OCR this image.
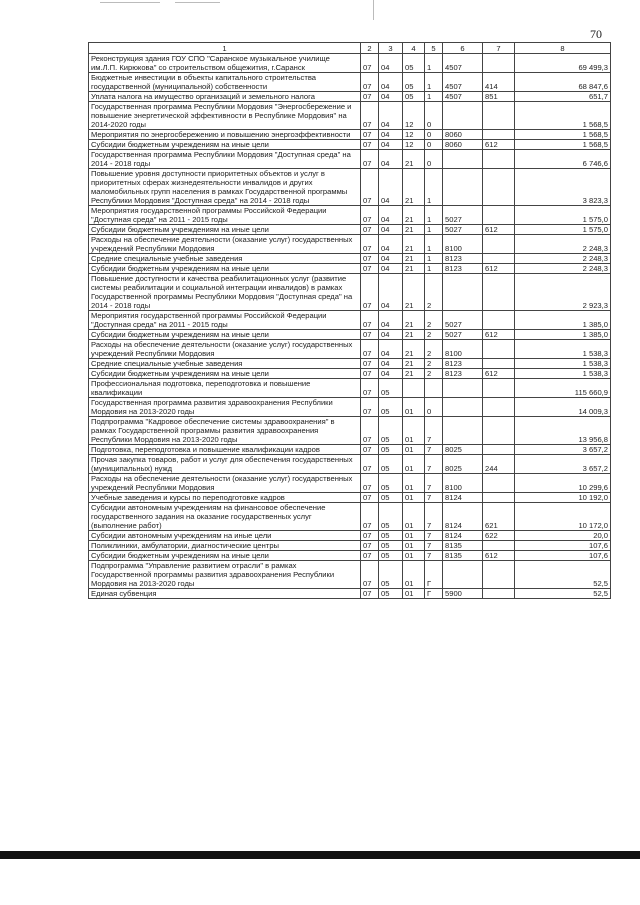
70
1	2	3	4	5	6	7	8
Реконструкция здания ГОУ СПО "Саранское музыкальное училище им.Л.П. Кирюкова" со строительством общежития, г.Саранск	07	04	05	1	4507		69 499,3
Бюджетные инвестиции в объекты капитального строительства государственной (муниципальной) собственности	07	04	05	1	4507	414	68 847,6
Уплата налога на имущество организаций и земельного налога	07	04	05	1	4507	851	651,7
Государственная программа Республики Мордовия "Энергосбережение и повышение энергетической эффективности в Республике Мордовия" на 2014-2020 годы	07	04	12	0			1 568,5
Мероприятия по энергосбережению и повышению энергоэффективности	07	04	12	0	8060		1 568,5
Субсидии бюджетным учреждениям на иные цели	07	04	12	0	8060	612	1 568,5
Государственная программа Республики Мордовия "Доступная среда" на 2014 - 2018 годы	07	04	21	0			6 746,6
Повышение уровня доступности приоритетных объектов и услуг в приоритетных сферах жизнедеятельности инвалидов и других маломобильных групп населения в рамках Государственной программы Республики Мордовия "Доступная среда" на 2014 - 2018 годы	07	04	21	1			3 823,3
Мероприятия государственной программы Российской Федерации "Доступная среда" на 2011 - 2015 годы	07	04	21	1	5027		1 575,0
Субсидии бюджетным учреждениям на иные цели	07	04	21	1	5027	612	1 575,0
Расходы на обеспечение деятельности (оказание услуг) государственных учреждений Республики Мордовия	07	04	21	1	8100		2 248,3
Средние специальные учебные заведения	07	04	21	1	8123		2 248,3
Субсидии бюджетным учреждениям на иные цели	07	04	21	1	8123	612	2 248,3
Повышение доступности и качества реабилитационных услуг (развитие системы реабилитации и социальной интеграции инвалидов) в рамках Государственной программы Республики Мордовия "Доступная среда" на 2014 - 2018 годы	07	04	21	2			2 923,3
Мероприятия государственной программы Российской Федерации "Доступная среда" на 2011 - 2015 годы	07	04	21	2	5027		1 385,0
Субсидии бюджетным учреждениям на иные цели	07	04	21	2	5027	612	1 385,0
Расходы на обеспечение деятельности (оказание услуг) государственных учреждений Республики Мордовия	07	04	21	2	8100		1 538,3
Средние специальные учебные заведения	07	04	21	2	8123		1 538,3
Субсидии бюджетным учреждениям на иные цели	07	04	21	2	8123	612	1 538,3
Профессиональная подготовка, переподготовка и повышение квалификации	07	05					115 660,9
Государственная программа развития здравоохранения Республики Мордовия на 2013-2020 годы	07	05	01	0			14 009,3
Подпрограмма "Кадровое обеспечение системы здравоохранения" в рамках Государственной программы развития здравоохранения Республики Мордовия на 2013-2020 годы	07	05	01	7			13 956,8
Подготовка, переподготовка и повышение квалификации кадров	07	05	01	7	8025		3 657,2
Прочая закупка товаров, работ и услуг для обеспечения государственных (муниципальных) нужд	07	05	01	7	8025	244	3 657,2
Расходы на обеспечение деятельности (оказание услуг) государственных учреждений Республики Мордовия	07	05	01	7	8100		10 299,6
Учебные заведения и курсы по переподготовке кадров	07	05	01	7	8124		10 192,0
Субсидии автономным учреждениям на финансовое обеспечение государственного задания на оказание государственных услуг (выполнение работ)	07	05	01	7	8124	621	10 172,0
Субсидии автономным учреждениям на иные цели	07	05	01	7	8124	622	20,0
Поликлиники, амбулатории, диагностические центры	07	05	01	7	8135		107,6
Субсидии бюджетным учреждениям на иные цели	07	05	01	7	8135	612	107,6
Подпрограмма "Управление развитием отрасли" в рамках Государственной программы развития здравоохранения Республики Мордовия на 2013-2020 годы	07	05	01	Г			52,5
Единая субвенция	07	05	01	Г	5900		52,5
